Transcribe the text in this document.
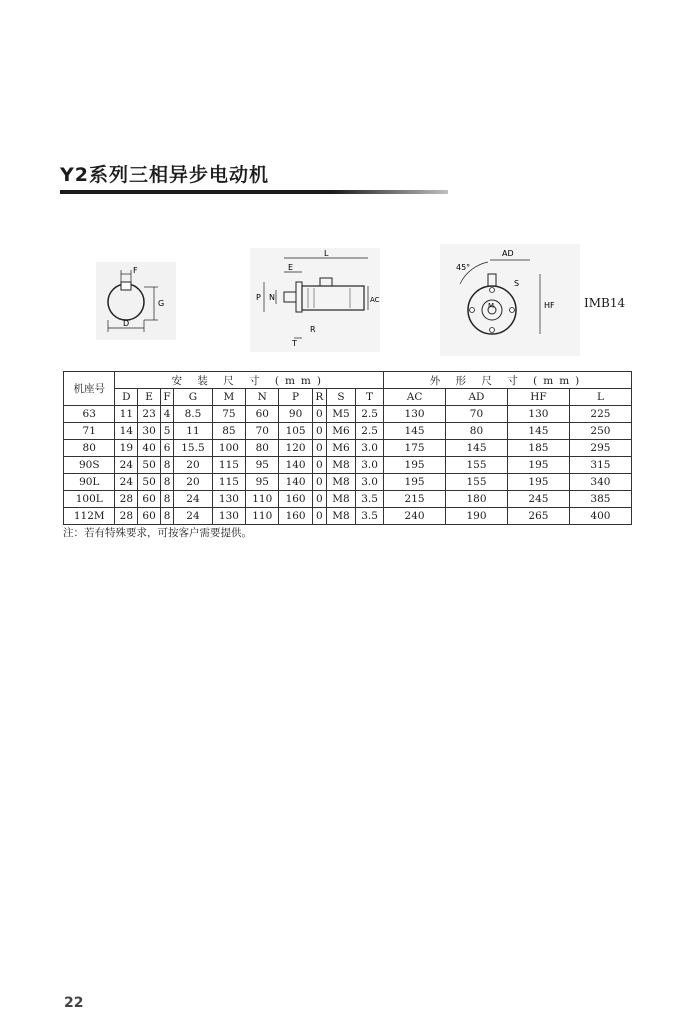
Y2系列三相异步电动机
F
G
D
L
E
AC
P N
R
T
AD
45°
S
M	HF IMB14
机座号	安 装 尺 寸 (mm)										外 形 尺 寸 (mm)			
	D	E	F	G	M	N	P	R	S	T	AC	AD	HF	L
63	11	23	4	8.5	75	60	90	0	M5	2.5	130	70	130	225
71	14	30	5	11	85	70	105	0	M6	2.5	145	80	145	250
80	19	40	6	15.5	100	80	120	0	M6	3.0	175	145	185	295
90S	24	50	8	20	115	95	140	0	M8	3.0	195	155	195	315
90L	24	50	8	20	115	95	140	0	M8	3.0	195	155	195	340
100L	28	60	8	24	130	110	160	0	M8	3.5	215	180	245	385
112M	28	60	8	24	130	110	160	0	M8	3.5	240	190	265	400
注：若有特殊要求，可按客户需要提供。
22
